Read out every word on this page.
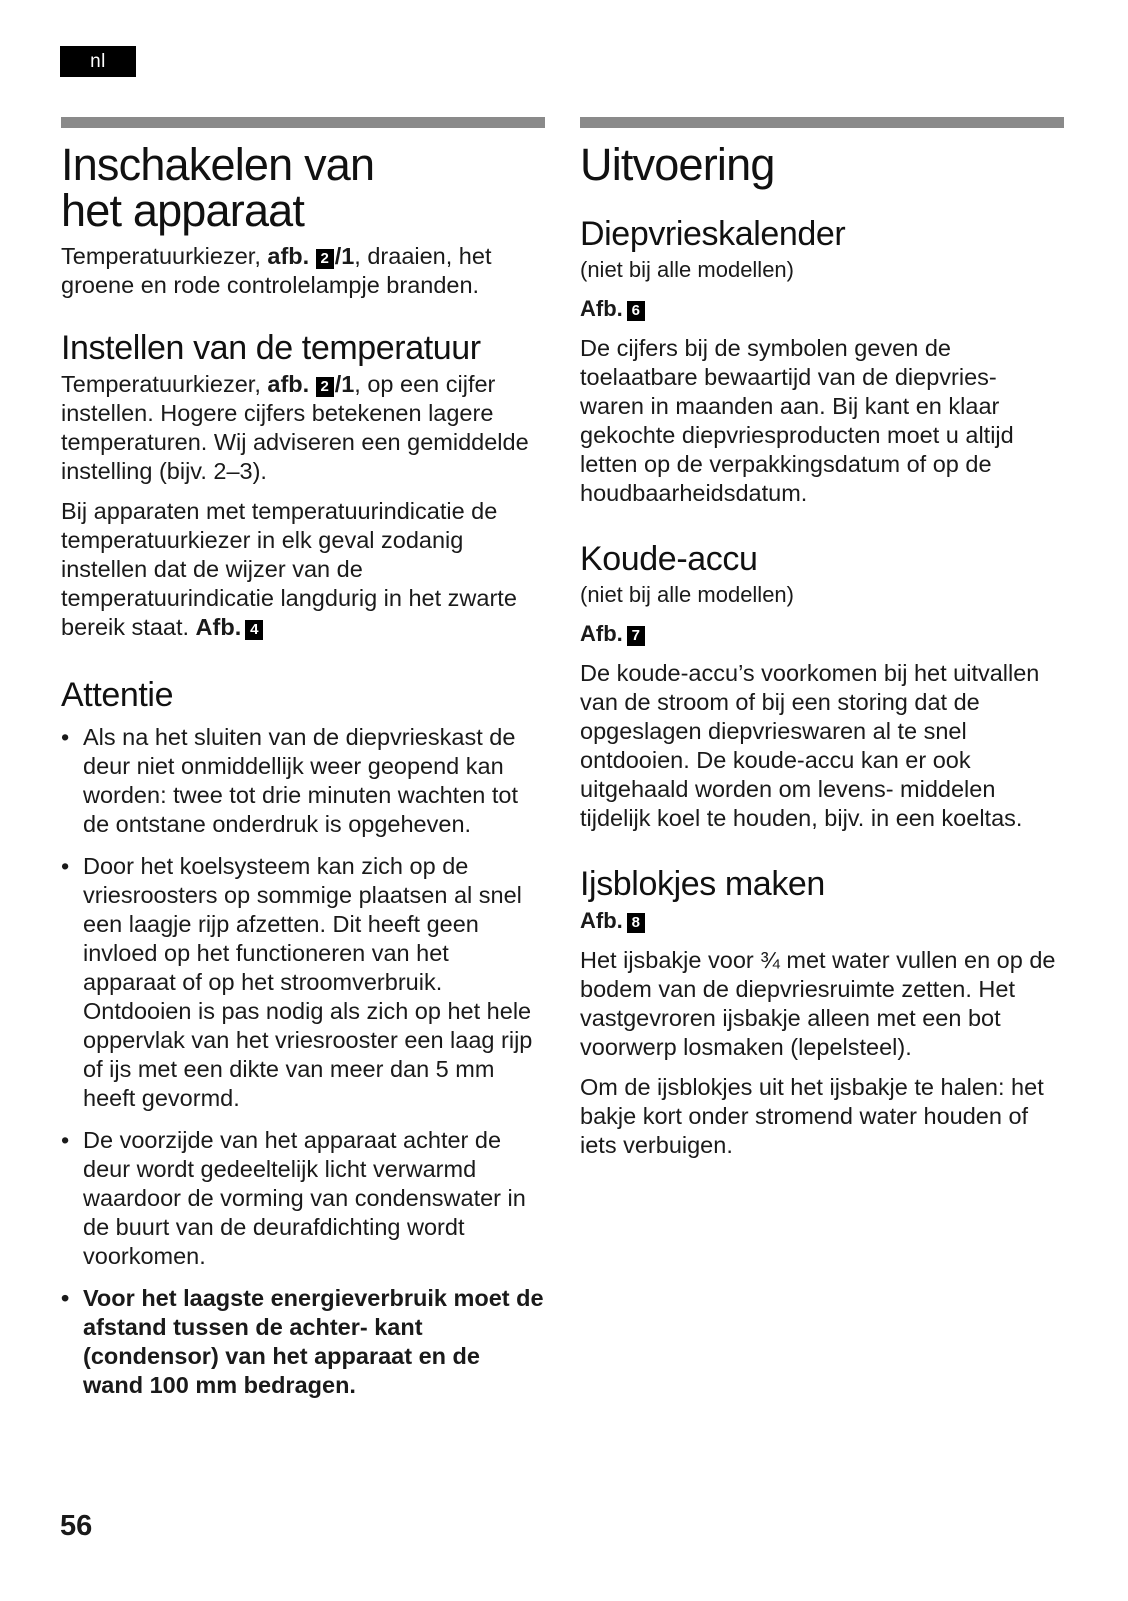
nl
Inschakelen van
het apparaat

Temperatuurkiezer, afb. 2 /1, draaien, het groene en rode controlelampje branden.

Instellen van de temperatuur

Temperatuurkiezer, afb. 2 /1, op een cijfer instellen. Hogere cijfers betekenen lagere temperaturen. Wij adviseren een gemiddelde instelling (bijv. 2–3).

Bij apparaten met temperatuurindicatie de temperatuurkiezer in elk geval zodanig instellen dat de wijzer van de temperatuurindicatie langdurig in het zwarte bereik staat. Afb. 4

Attentie
• Als na het sluiten van de diepvrieskast de deur niet onmiddellijk weer geopend kan worden: twee tot drie minuten wachten tot de ontstane onderdruk is opgeheven.
• Door het koelsysteem kan zich op de vriesroosters op sommige plaatsen al snel een laagje rijp afzetten. Dit heeft geen invloed op het functioneren van het apparaat of op het stroomverbruik. Ontdooien is pas nodig als zich op het hele oppervlak van het vriesrooster een laag rijp of ijs met een dikte van meer dan 5 mm heeft gevormd.
• De voorzijde van het apparaat achter de deur wordt gedeeltelijk licht verwarmd waardoor de vorming van condenswater in de buurt van de deurafdichting wordt voorkomen.
• Voor het laagste energieverbruik moet de afstand tussen de achter- kant (condensor) van het apparaat en de wand 100 mm bedragen.
Uitvoering
Diepvrieskalender

(niet bij alle modellen)

Afb. 6

De cijfers bij de symbolen geven de toelaatbare bewaartijd van de diepvries- waren in maanden aan. Bij kant en klaar gekochte diepvriesproducten moet u altijd letten op de verpakkingsdatum of op de houdbaarheidsdatum.

Koude-accu

(niet bij alle modellen)

Afb. 7

De koude-accu’s voorkomen bij het uitvallen van de stroom of bij een storing dat de opgeslagen diepvrieswaren al te snel ontdooien. De koude-accu kan er ook uitgehaald worden om levens- middelen tijdelijk koel te houden, bijv. in een koeltas.

Ijsblokjes maken

Afb. 8

Het ijsbakje voor ¾ met water vullen en op de bodem van de diepvriesruimte zetten. Het vastgevroren ijsbakje alleen met een bot voorwerp losmaken (lepelsteel).

Om de ijsblokjes uit het ijsbakje te halen: het bakje kort onder stromend water houden of iets verbuigen.

56
